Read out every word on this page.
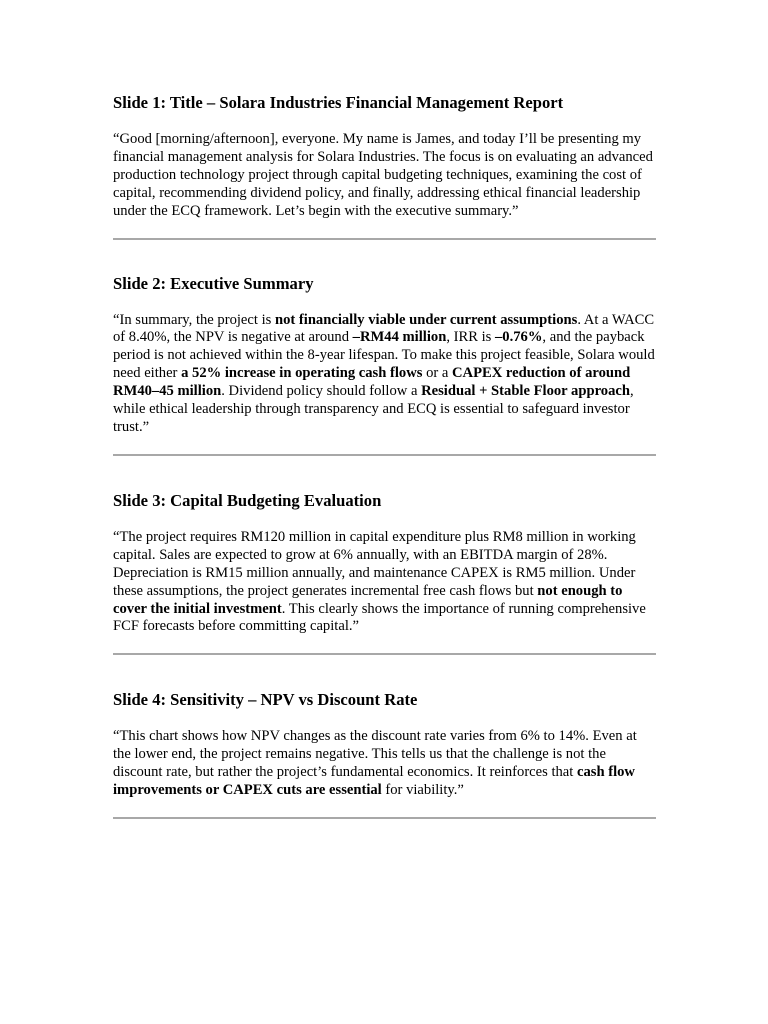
Slide 1: Title – Solara Industries Financial Management Report

“Good [morning/afternoon], everyone. My name is James, and today I’ll be presenting my financial management analysis for Solara Industries. The focus is on evaluating an advanced production technology project through capital budgeting techniques, examining the cost of capital, recommending dividend policy, and finally, addressing ethical financial leadership under the ECQ framework. Let’s begin with the executive summary.”

Slide 2: Executive Summary

“In summary, the project is not financially viable under current assumptions. At a WACC of 8.40%, the NPV is negative at around –RM44 million, IRR is –0.76%, and the payback period is not achieved within the 8-year lifespan. To make this project feasible, Solara would need either a 52% increase in operating cash flows or a CAPEX reduction of around RM40–45 million. Dividend policy should follow a Residual + Stable Floor approach, while ethical leadership through transparency and ECQ is essential to safeguard investor trust.”

Slide 3: Capital Budgeting Evaluation

“The project requires RM120 million in capital expenditure plus RM8 million in working capital. Sales are expected to grow at 6% annually, with an EBITDA margin of 28%. Depreciation is RM15 million annually, and maintenance CAPEX is RM5 million. Under these assumptions, the project generates incremental free cash flows but not enough to cover the initial investment. This clearly shows the importance of running comprehensive FCF forecasts before committing capital.”

Slide 4: Sensitivity – NPV vs Discount Rate

“This chart shows how NPV changes as the discount rate varies from 6% to 14%. Even at the lower end, the project remains negative. This tells us that the challenge is not the discount rate, but rather the project’s fundamental economics. It reinforces that cash flow improvements or CAPEX cuts are essential for viability.”
